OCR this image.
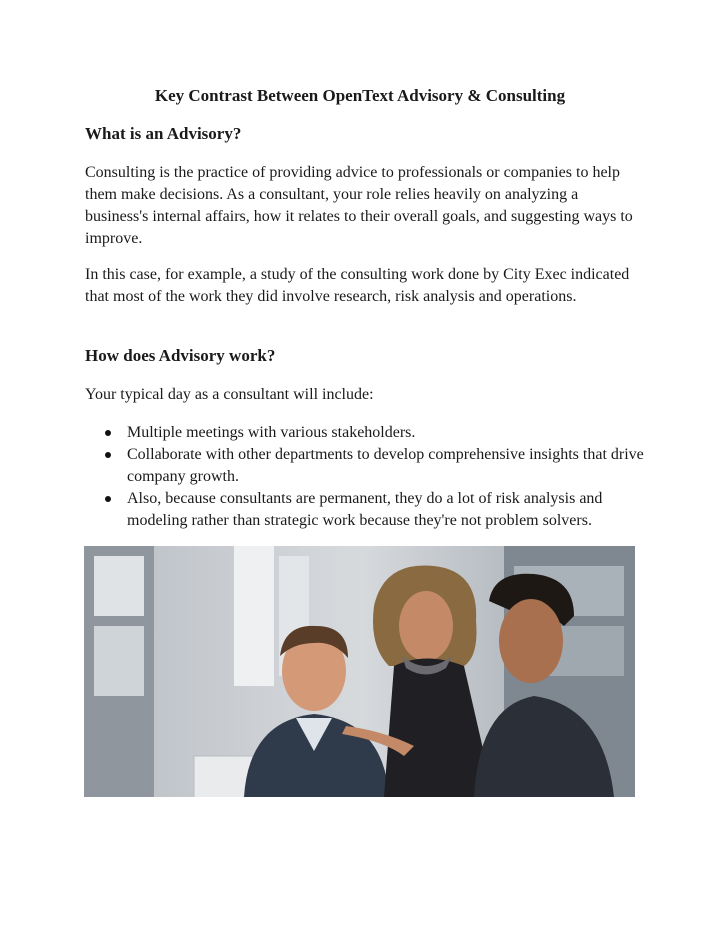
Key Contrast Between OpenText Advisory & Consulting
What is an Advisory?

Consulting is the practice of providing advice to professionals or companies to help them make decisions. As a consultant, your role relies heavily on analyzing a business's internal affairs, how it relates to their overall goals, and suggesting ways to improve.

In this case, for example, a study of the consulting work done by City Exec indicated that most of the work they did involve research, risk analysis and operations.

How does Advisory work?

Your typical day as a consultant will include:

Multiple meetings with various stakeholders.
Collaborate with other departments to develop comprehensive insights that drive company growth.
Also, because consultants are permanent, they do a lot of risk analysis and modeling rather than strategic work because they're not problem solvers.
